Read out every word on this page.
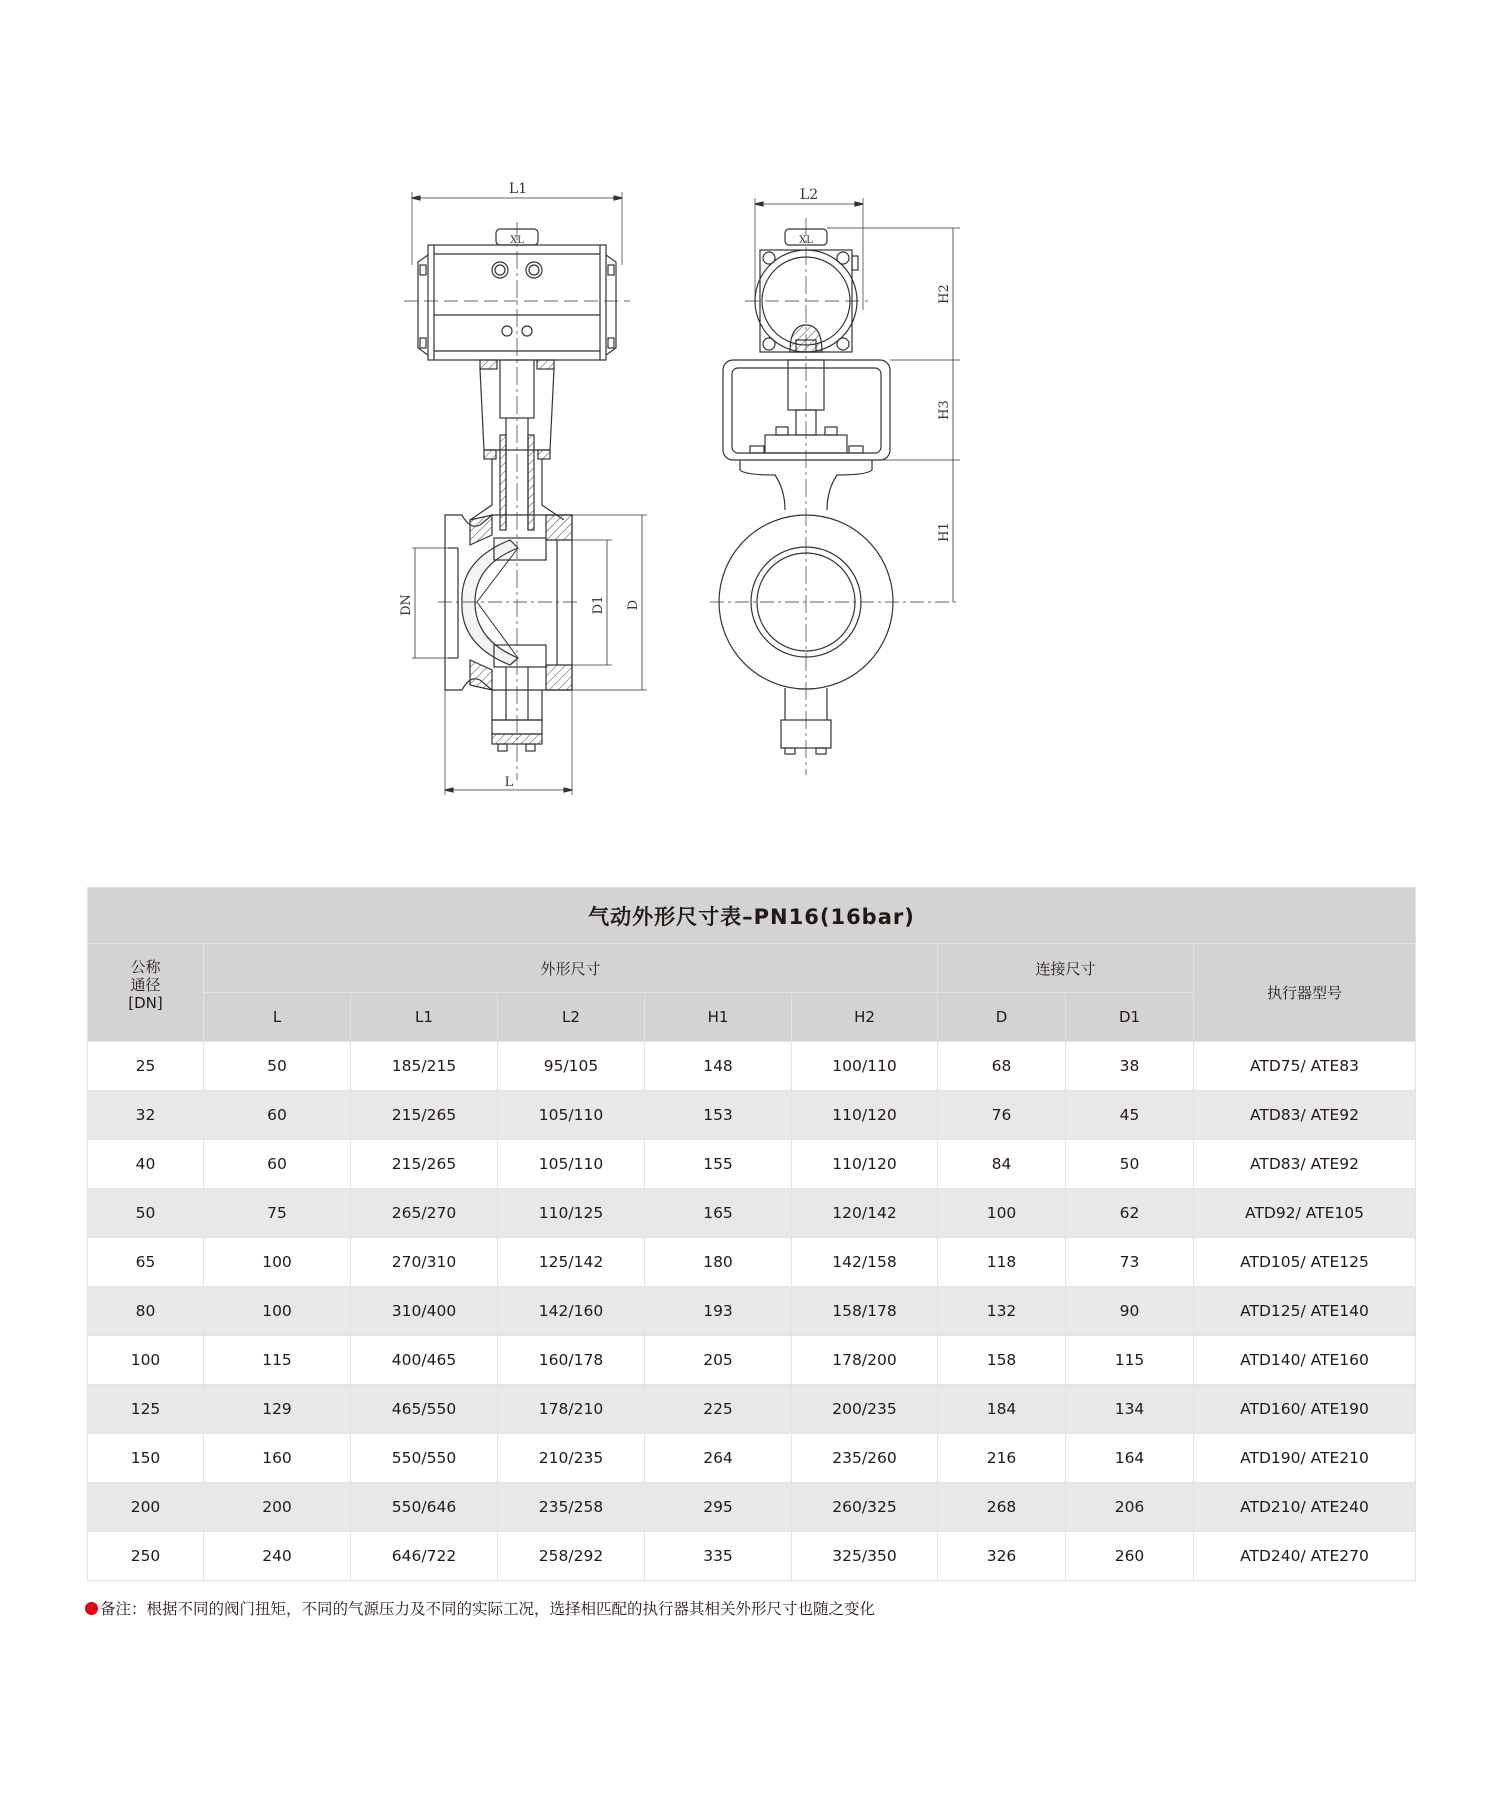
L1
XL
DN	D1 D
L
L2
XL
H2
H3
H1
气动外形尺寸表–PN16(16bar)								

公称
通径
[DN]	外形尺寸					连接尺寸		执行器型号
	L	L1	L2	H1	H2	D	D1	
25	50	185/215	95/105	148	100/110	68	38	ATD75/ ATE83
32	60	215/265	105/110	153	110/120	76	45	ATD83/ ATE92
40	60	215/265	105/110	155	110/120	84	50	ATD83/ ATE92
50	75	265/270	110/125	165	120/142	100	62	ATD92/ ATE105
65	100	270/310	125/142	180	142/158	118	73	ATD105/ ATE125
80	100	310/400	142/160	193	158/178	132	90	ATD125/ ATE140
100	115	400/465	160/178	205	178/200	158	115	ATD140/ ATE160
125	129	465/550	178/210	225	200/235	184	134	ATD160/ ATE190
150	160	550/550	210/235	264	235/260	216	164	ATD190/ ATE210
200	200	550/646	235/258	295	260/325	268	206	ATD210/ ATE240
250	240	646/722	258/292	335	325/350	326	260	ATD240/ ATE270
备注：根据不同的阀门扭矩，不同的气源压力及不同的实际工况，选择相匹配的执行器其相关外形尺寸也随之变化
